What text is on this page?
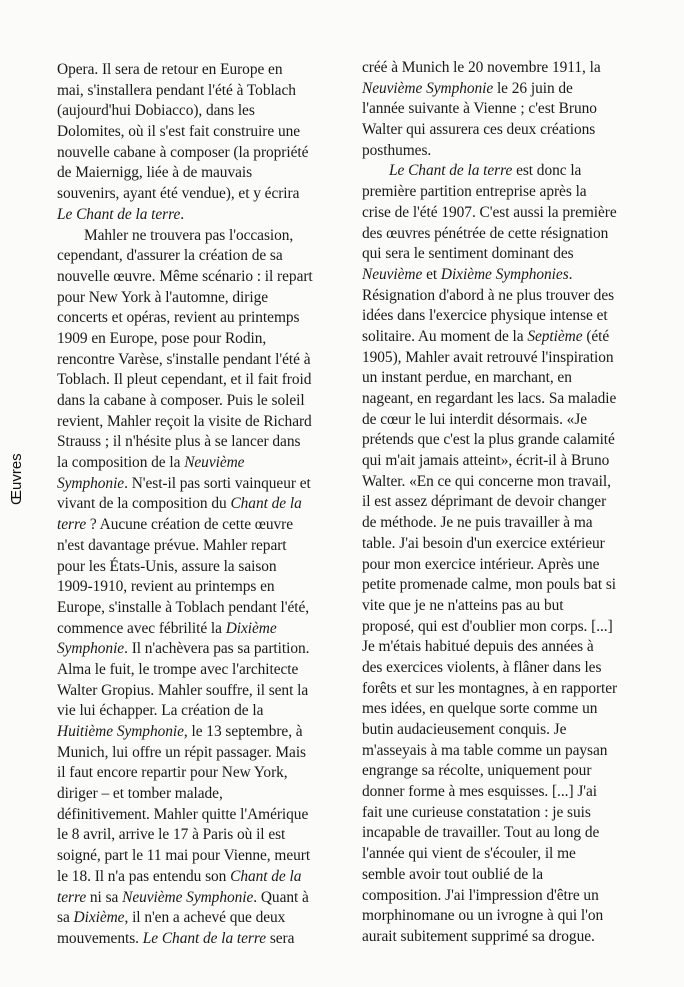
Œuvres
Opera. Il sera de retour en Europe en
mai, s'installera pendant l'été à Toblach
(aujourd'hui Dobiacco), dans les
Dolomites, où il s'est fait construire une
nouvelle cabane à composer (la propriété
de Maiernigg, liée à de mauvais
souvenirs, ayant été vendue), et y écrira
Le Chant de la terre.
Mahler ne trouvera pas l'occasion,
cependant, d'assurer la création de sa
nouvelle œuvre. Même scénario : il repart
pour New York à l'automne, dirige
concerts et opéras, revient au printemps
1909 en Europe, pose pour Rodin,
rencontre Varèse, s'installe pendant l'été à
Toblach. Il pleut cependant, et il fait froid
dans la cabane à composer. Puis le soleil
revient, Mahler reçoit la visite de Richard
Strauss ; il n'hésite plus à se lancer dans
la composition de la Neuvième
Symphonie. N'est-il pas sorti vainqueur et
vivant de la composition du Chant de la
terre ? Aucune création de cette œuvre
n'est davantage prévue. Mahler repart
pour les États-Unis, assure la saison
1909-1910, revient au printemps en
Europe, s'installe à Toblach pendant l'été,
commence avec fébrilité la Dixième
Symphonie. Il n'achèvera pas sa partition.
Alma le fuit, le trompe avec l'architecte
Walter Gropius. Mahler souffre, il sent la
vie lui échapper. La création de la
Huitième Symphonie, le 13 septembre, à
Munich, lui offre un répit passager. Mais
il faut encore repartir pour New York,
diriger – et tomber malade,
définitivement. Mahler quitte l'Amérique
le 8 avril, arrive le 17 à Paris où il est
soigné, part le 11 mai pour Vienne, meurt
le 18. Il n'a pas entendu son Chant de la
terre ni sa Neuvième Symphonie. Quant à
sa Dixième, il n'en a achevé que deux
mouvements. Le Chant de la terre sera
créé à Munich le 20 novembre 1911, la
Neuvième Symphonie le 26 juin de
l'année suivante à Vienne ; c'est Bruno
Walter qui assurera ces deux créations
posthumes.
Le Chant de la terre est donc la
première partition entreprise après la
crise de l'été 1907. C'est aussi la première
des œuvres pénétrée de cette résignation
qui sera le sentiment dominant des
Neuvième et Dixième Symphonies.
Résignation d'abord à ne plus trouver des
idées dans l'exercice physique intense et
solitaire. Au moment de la Septième (été
1905), Mahler avait retrouvé l'inspiration
un instant perdue, en marchant, en
nageant, en regardant les lacs. Sa maladie
de cœur le lui interdit désormais. «Je
prétends que c'est la plus grande calamité
qui m'ait jamais atteint», écrit-il à Bruno
Walter. «En ce qui concerne mon travail,
il est assez déprimant de devoir changer
de méthode. Je ne puis travailler à ma
table. J'ai besoin d'un exercice extérieur
pour mon exercice intérieur. Après une
petite promenade calme, mon pouls bat si
vite que je ne n'atteins pas au but
proposé, qui est d'oublier mon corps. [...]
Je m'étais habitué depuis des années à
des exercices violents, à flâner dans les
forêts et sur les montagnes, à en rapporter
mes idées, en quelque sorte comme un
butin audacieusement conquis. Je
m'asseyais à ma table comme un paysan
engrange sa récolte, uniquement pour
donner forme à mes esquisses. [...] J'ai
fait une curieuse constatation : je suis
incapable de travailler. Tout au long de
l'année qui vient de s'écouler, il me
semble avoir tout oublié de la
composition. J'ai l'impression d'être un
morphinomane ou un ivrogne à qui l'on
aurait subitement supprimé sa drogue.
